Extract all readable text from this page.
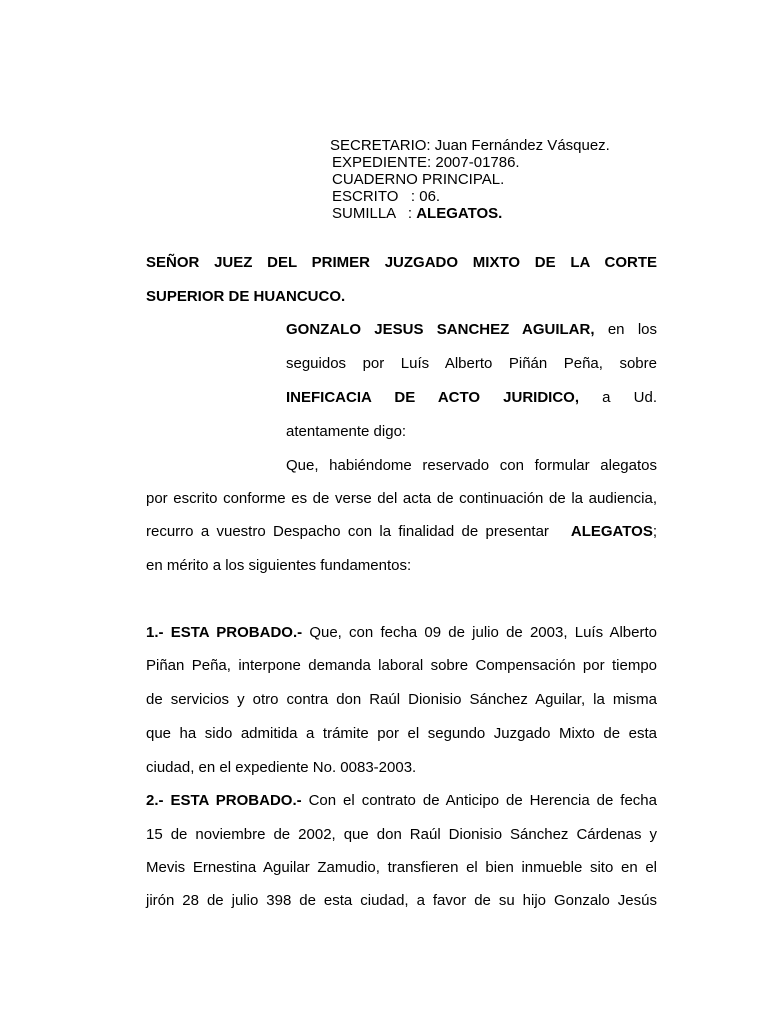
SECRETARIO: Juan Fernández Vásquez.
EXPEDIENTE: 2007-01786.
CUADERNO PRINCIPAL.
ESCRITO   : 06.
SUMILLA   : ALEGATOS.
SEÑOR JUEZ DEL PRIMER JUZGADO MIXTO DE LA CORTE
SUPERIOR DE HUANCUCO.
GONZALO JESUS SANCHEZ AGUILAR, en los
seguidos por Luís Alberto Piñán Peña, sobre
INEFICACIA DE ACTO JURIDICO, a Ud.
atentamente digo:
Que, habiéndome reservado con formular alegatos
por escrito conforme es de verse del acta de continuación de la audiencia,
recurro a vuestro Despacho con la finalidad de presentar   ALEGATOS;
en mérito a los siguientes fundamentos:
1.- ESTA PROBADO.- Que, con fecha 09 de julio de 2003, Luís Alberto
Piñan Peña, interpone demanda laboral sobre Compensación por tiempo
de servicios y otro contra don Raúl Dionisio Sánchez Aguilar, la misma
que ha sido admitida a trámite por el segundo Juzgado Mixto de esta
ciudad, en el expediente No. 0083-2003.
2.- ESTA PROBADO.- Con el contrato de Anticipo de Herencia de fecha
15 de noviembre de 2002, que don Raúl Dionisio Sánchez Cárdenas y
Mevis Ernestina Aguilar Zamudio, transfieren el bien inmueble sito en el
jirón 28 de julio 398 de esta ciudad, a favor de su hijo Gonzalo Jesús
